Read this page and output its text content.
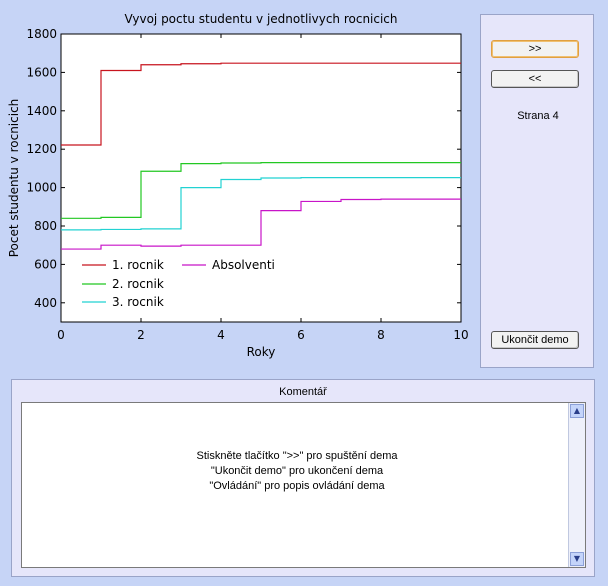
0	2	4	6	8	10
400
600
800
1000
1200
1400
1600
1800
Vyvoj poctu studentu v jednotlivych rocnicich
Roky
Pocet studentu v rocnicich
1. rocnik
2. rocnik
3. rocnik
Absolventi
>>
<<
Strana 4
Ukončit demo
Komentář
Stiskněte tlačítko ">>" pro spuštění dema
"Ukončit demo" pro ukončení dema
"Ovládání" pro popis ovládání dema
▲
▼
